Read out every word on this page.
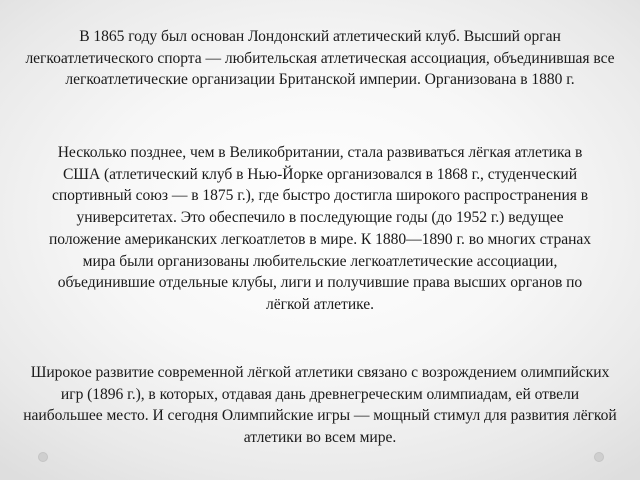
В 1865 году был основан Лондонский атлетический клуб. Высший орган легкоатлетического спорта — любительская атлетическая ассоциация, объединившая все легкоатлетические организации Британской империи. Организована в 1880 г.

Несколько позднее, чем в Великобритании, стала развиваться лёгкая атлетика в США (атлетический клуб в Нью-Йорке организовался в 1868 г., студенческий спортивный союз — в 1875 г.), где быстро достигла широкого распространения в университетах. Это обеспечило в последующие годы (до 1952 г.) ведущее положение американских легкоатлетов в мире. К 1880—1890 г. во многих странах мира были организованы любительские легкоатлетические ассоциации, объединившие отдельные клубы, лиги и получившие права высших органов по лёгкой атлетике.

Широкое развитие современной лёгкой атлетики связано с возрождением олимпийских игр (1896 г.), в которых, отдавая дань древнегреческим олимпиадам, ей отвели наибольшее место. И сегодня Олимпийские игры — мощный стимул для развития лёгкой атлетики во всем мире.
